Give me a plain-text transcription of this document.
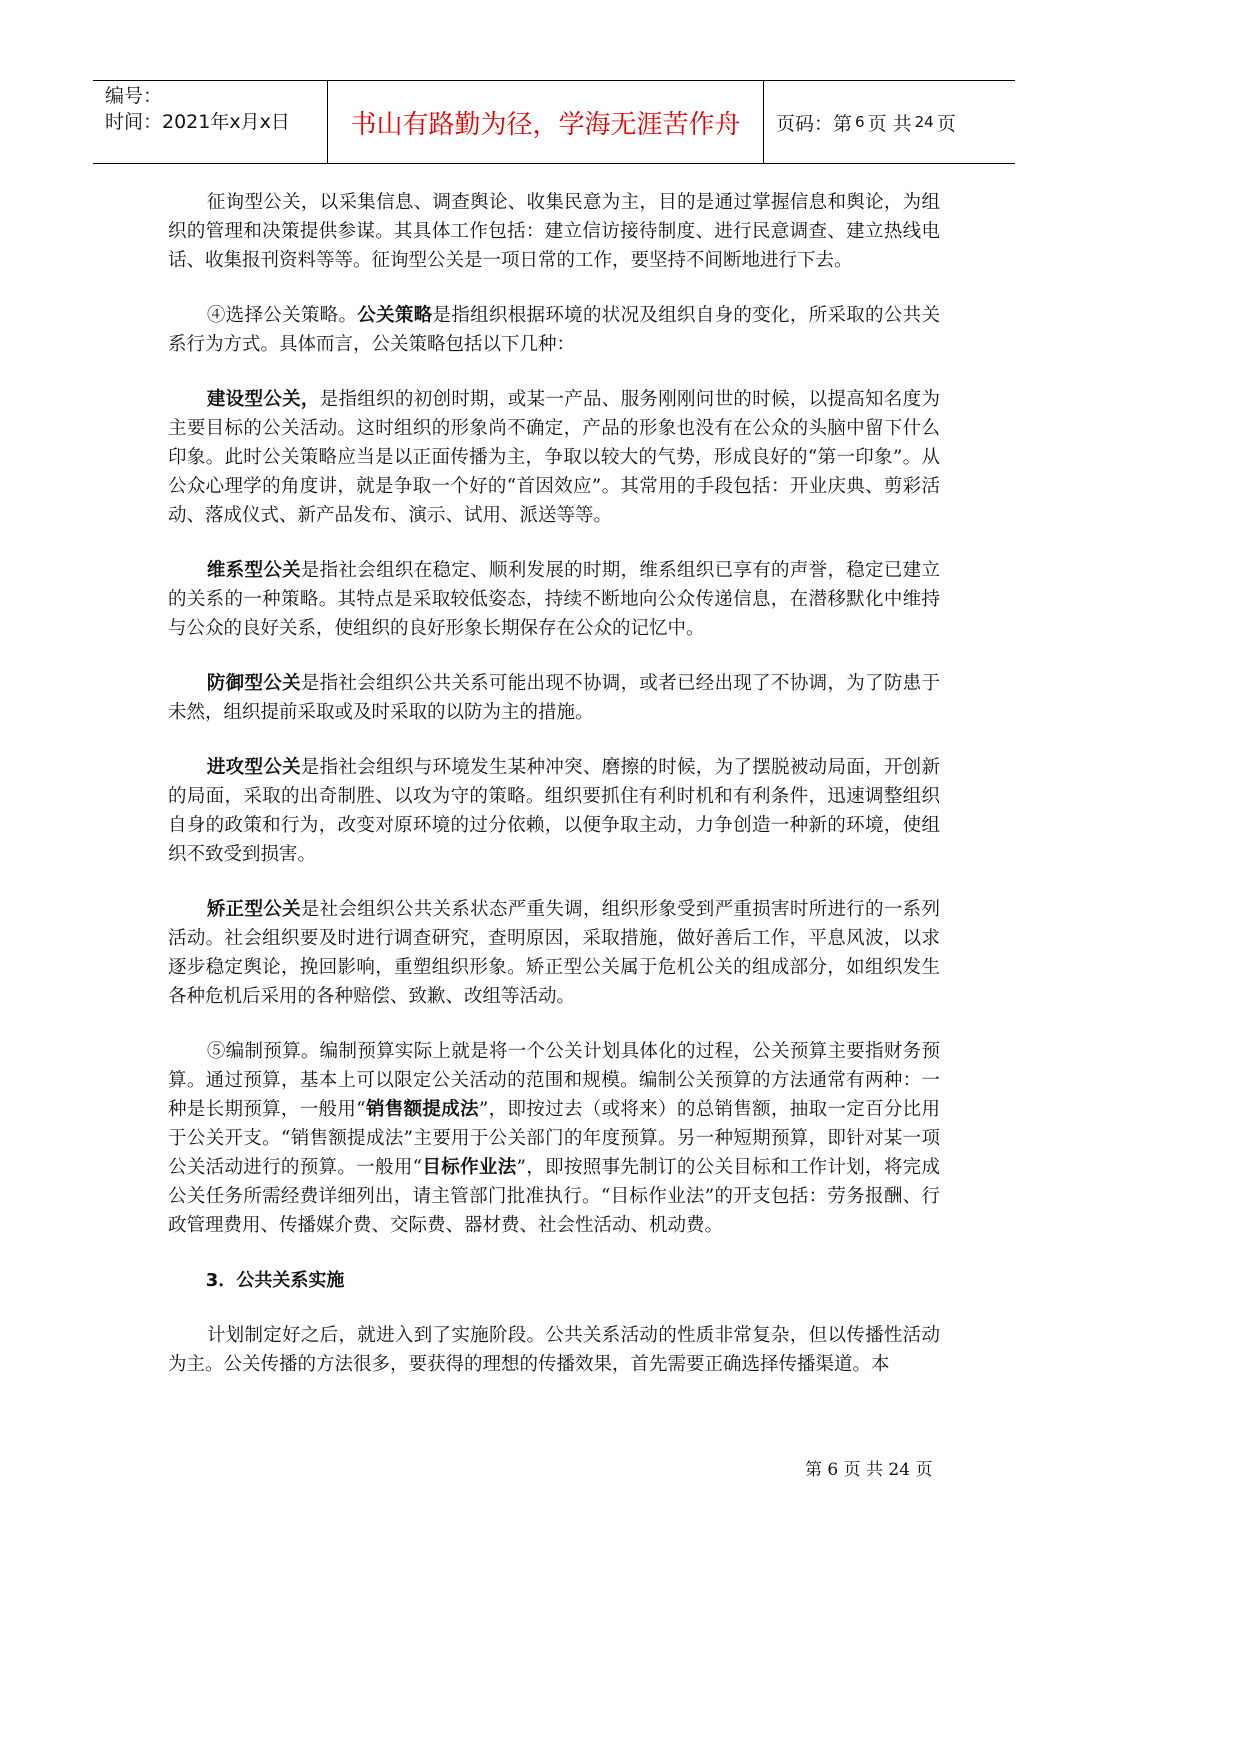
编号：
时间：2021年x月x日	书山有路勤为径，学海无涯苦作舟	页码：第 6 页 共 24 页

征询型公关，以采集信息、调查舆论、收集民意为主，目的是通过掌握信息和舆论，为组织的管理和决策提供参谋。其具体工作包括：建立信访接待制度、进行民意调查、建立热线电话、收集报刊资料等等。征询型公关是一项日常的工作，要坚持不间断地进行下去。

④选择公关策略。公关策略是指组织根据环境的状况及组织自身的变化，所采取的公共关系行为方式。具体而言，公关策略包括以下几种：

建设型公关，是指组织的初创时期，或某一产品、服务刚刚问世的时候，以提高知名度为主要目标的公关活动。这时组织的形象尚不确定，产品的形象也没有在公众的头脑中留下什么印象。此时公关策略应当是以正面传播为主，争取以较大的气势，形成良好的“第一印象”。从公众心理学的角度讲，就是争取一个好的“首因效应”。其常用的手段包括：开业庆典、剪彩活动、落成仪式、新产品发布、演示、试用、派送等等。

维系型公关是指社会组织在稳定、顺利发展的时期，维系组织已享有的声誉，稳定已建立的关系的一种策略。其特点是采取较低姿态，持续不断地向公众传递信息，在潜移默化中维持与公众的良好关系，使组织的良好形象长期保存在公众的记忆中。

防御型公关是指社会组织公共关系可能出现不协调，或者已经出现了不协调，为了防患于未然，组织提前采取或及时采取的以防为主的措施。

进攻型公关是指社会组织与环境发生某种冲突、磨擦的时候，为了摆脱被动局面，开创新的局面，采取的出奇制胜、以攻为守的策略。组织要抓住有利时机和有利条件，迅速调整组织自身的政策和行为，改变对原环境的过分依赖，以便争取主动，力争创造一种新的环境，使组织不致受到损害。

矫正型公关是社会组织公共关系状态严重失调，组织形象受到严重损害时所进行的一系列活动。社会组织要及时进行调查研究，查明原因，采取措施，做好善后工作，平息风波，以求逐步稳定舆论，挽回影响，重塑组织形象。矫正型公关属于危机公关的组成部分，如组织发生各种危机后采用的各种赔偿、致歉、改组等活动。

⑤编制预算。编制预算实际上就是将一个公关计划具体化的过程，公关预算主要指财务预算。通过预算，基本上可以限定公关活动的范围和规模。编制公关预算的方法通常有两种：一种是长期预算，一般用“销售额提成法”，即按过去（或将来）的总销售额，抽取一定百分比用于公关开支。“销售额提成法”主要用于公关部门的年度预算。另一种短期预算，即针对某一项公关活动进行的预算。一般用“目标作业法”，即按照事先制订的公关目标和工作计划，将完成公关任务所需经费详细列出，请主管部门批准执行。“目标作业法”的开支包括：劳务报酬、行政管理费用、传播媒介费、交际费、器材费、社会性活动、机动费。

3．公共关系实施

计划制定好之后，就进入到了实施阶段。公共关系活动的性质非常复杂，但以传播性活动为主。公关传播的方法很多，要获得的理想的传播效果，首先需要正确选择传播渠道。本

第 6 页 共 24 页
